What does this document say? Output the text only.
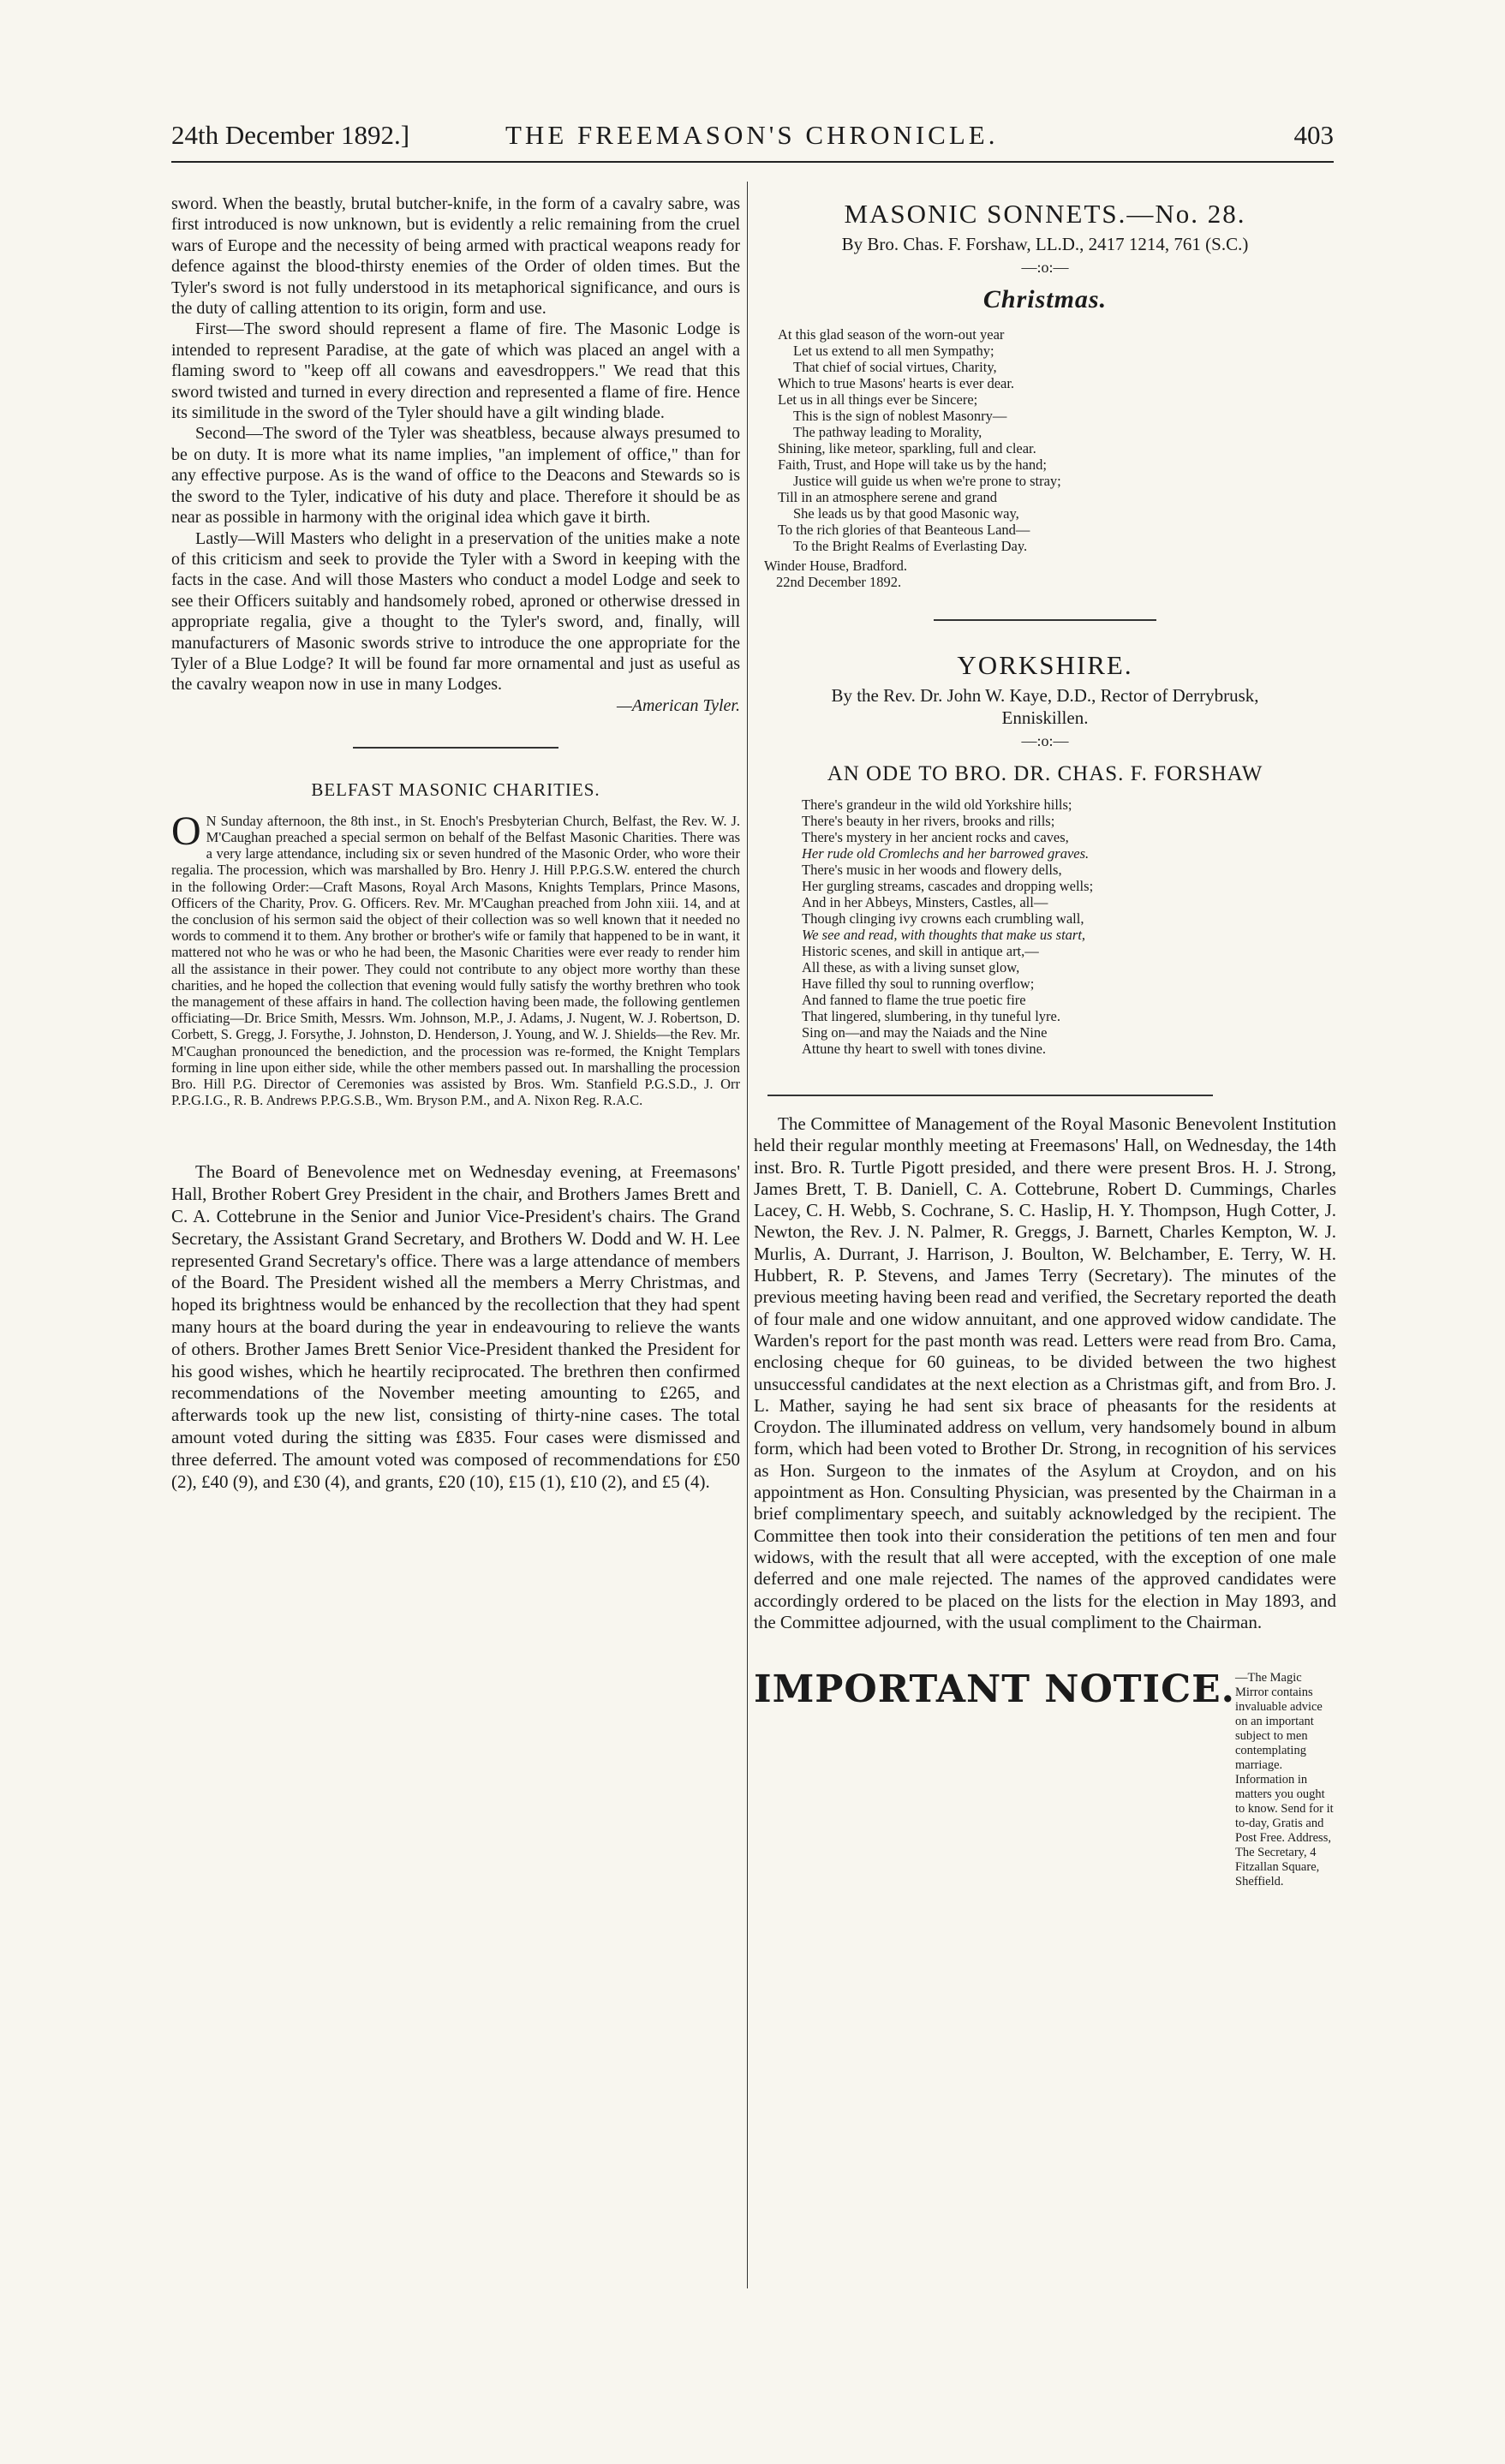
24th December 1892.]	THE FREEMASON'S CHRONICLE.	403

sword. When the beastly, brutal butcher-knife, in the form of a cavalry sabre, was first introduced is now unknown, but is evidently a relic remaining from the cruel wars of Europe and the necessity of being armed with practical weapons ready for defence against the blood-thirsty enemies of the Order of olden times. But the Tyler's sword is not fully understood in its metaphorical significance, and ours is the duty of calling attention to its origin, form and use.

First—The sword should represent a flame of fire. The Masonic Lodge is intended to represent Paradise, at the gate of which was placed an angel with a flaming sword to "keep off all cowans and eavesdroppers." We read that this sword twisted and turned in every direction and represented a flame of fire. Hence its similitude in the sword of the Tyler should have a gilt winding blade.

Second—The sword of the Tyler was sheatbless, because always presumed to be on duty. It is more what its name implies, "an implement of office," than for any effective purpose. As is the wand of office to the Deacons and Stewards so is the sword to the Tyler, indicative of his duty and place. Therefore it should be as near as possible in harmony with the original idea which gave it birth.

Lastly—Will Masters who delight in a preservation of the unities make a note of this criticism and seek to provide the Tyler with a Sword in keeping with the facts in the case. And will those Masters who conduct a model Lodge and seek to see their Officers suitably and handsomely robed, aproned or otherwise dressed in appropriate regalia, give a thought to the Tyler's sword, and, finally, will manufacturers of Masonic swords strive to introduce the one appropriate for the Tyler of a Blue Lodge? It will be found far more ornamental and just as useful as the cavalry weapon now in use in many Lodges.

—American Tyler.
BELFAST MASONIC CHARITIES.
O N Sunday afternoon, the 8th inst., in St. Enoch's Presbyterian Church, Belfast, the Rev. W. J. M'Caughan preached a special sermon on behalf of the Belfast Masonic Charities. There was a very large attendance, including six or seven hundred of the Masonic Order, who wore their regalia. The procession, which was marshalled by Bro. Henry J. Hill P.P.G.S.W. entered the church in the following Order:—Craft Masons, Royal Arch Masons, Knights Templars, Prince Masons, Officers of the Charity, Prov. G. Officers. Rev. Mr. M'Caughan preached from John xiii. 14, and at the conclusion of his sermon said the object of their collection was so well known that it needed no words to commend it to them. Any brother or brother's wife or family that happened to be in want, it mattered not who he was or who he had been, the Masonic Charities were ever ready to render him all the assistance in their power. They could not contribute to any object more worthy than these charities, and he hoped the collection that evening would fully satisfy the worthy brethren who took the management of these affairs in hand. The collection having been made, the following gentlemen officiating—Dr. Brice Smith, Messrs. Wm. Johnson, M.P., J. Adams, J. Nugent, W. J. Robertson, D. Corbett, S. Gregg, J. Forsythe, J. Johnston, D. Henderson, J. Young, and W. J. Shields—the Rev. Mr. M'Caughan pronounced the benediction, and the procession was re-formed, the Knight Templars forming in line upon either side, while the other members passed out. In marshalling the procession Bro. Hill P.G. Director of Ceremonies was assisted by Bros. Wm. Stanfield P.G.S.D., J. Orr P.P.G.I.G., R. B. Andrews P.P.G.S.B., Wm. Bryson P.M., and A. Nixon Reg. R.A.C.

The Board of Benevolence met on Wednesday evening, at Freemasons' Hall, Brother Robert Grey President in the chair, and Brothers James Brett and C. A. Cottebrune in the Senior and Junior Vice-President's chairs. The Grand Secretary, the Assistant Grand Secretary, and Brothers W. Dodd and W. H. Lee represented Grand Secretary's office. There was a large attendance of members of the Board. The President wished all the members a Merry Christmas, and hoped its brightness would be enhanced by the recollection that they had spent many hours at the board during the year in endeavouring to relieve the wants of others. Brother James Brett Senior Vice-President thanked the President for his good wishes, which he heartily reciprocated. The brethren then confirmed recommendations of the November meeting amounting to £265, and afterwards took up the new list, consisting of thirty-nine cases. The total amount voted during the sitting was £835. Four cases were dismissed and three deferred. The amount voted was composed of recommendations for £50 (2), £40 (9), and £30 (4), and grants, £20 (10), £15 (1), £10 (2), and £5 (4).

MASONIC SONNETS.—No. 28.
By Bro. Chas. F. Forshaw, LL.D., 2417 1214, 761 (S.C.)
—:o:—
Christmas.
At this glad season of the worn-out year
Let us extend to all men Sympathy;
That chief of social virtues, Charity,
Which to true Masons' hearts is ever dear.
Let us in all things ever be Sincere;
This is the sign of noblest Masonry—
The pathway leading to Morality,
Shining, like meteor, sparkling, full and clear.
Faith, Trust, and Hope will take us by the hand;
Justice will guide us when we're prone to stray;
Till in an atmosphere serene and grand
She leads us by that good Masonic way,
To the rich glories of that Beanteous Land—
To the Bright Realms of Everlasting Day.
Winder House, Bradford.
22nd December 1892.
YORKSHIRE.
By the Rev. Dr. John W. Kaye, D.D., Rector of Derrybrusk, Enniskillen.
—:o:—
AN ODE TO BRO. DR. CHAS. F. FORSHAW
There's grandeur in the wild old Yorkshire hills;
There's beauty in her rivers, brooks and rills;
There's mystery in her ancient rocks and caves,
Her rude old Cromlechs and her barrowed graves.
There's music in her woods and flowery dells,
Her gurgling streams, cascades and dropping wells;
And in her Abbeys, Minsters, Castles, all—
Though clinging ivy crowns each crumbling wall,
We see and read, with thoughts that make us start,
Historic scenes, and skill in antique art,—
All these, as with a living sunset glow,
Have filled thy soul to running overflow;
And fanned to flame the true poetic fire
That lingered, slumbering, in thy tuneful lyre.
Sing on—and may the Naiads and the Nine
Attune thy heart to swell with tones divine.

The Committee of Management of the Royal Masonic Benevolent Institution held their regular monthly meeting at Freemasons' Hall, on Wednesday, the 14th inst. Bro. R. Turtle Pigott presided, and there were present Bros. H. J. Strong, James Brett, T. B. Daniell, C. A. Cottebrune, Robert D. Cummings, Charles Lacey, C. H. Webb, S. Cochrane, S. C. Haslip, H. Y. Thompson, Hugh Cotter, J. Newton, the Rev. J. N. Palmer, R. Greggs, J. Barnett, Charles Kempton, W. J. Murlis, A. Durrant, J. Harrison, J. Boulton, W. Belchamber, E. Terry, W. H. Hubbert, R. P. Stevens, and James Terry (Secretary). The minutes of the previous meeting having been read and verified, the Secretary reported the death of four male and one widow annuitant, and one approved widow candidate. The Warden's report for the past month was read. Letters were read from Bro. Cama, enclosing cheque for 60 guineas, to be divided between the two highest unsuccessful candidates at the next election as a Christmas gift, and from Bro. J. L. Mather, saying he had sent six brace of pheasants for the residents at Croydon. The illuminated address on vellum, very handsomely bound in album form, which had been voted to Brother Dr. Strong, in recognition of his services as Hon. Surgeon to the inmates of the Asylum at Croydon, and on his appointment as Hon. Consulting Physician, was presented by the Chairman in a brief complimentary speech, and suitably acknowledged by the recipient. The Committee then took into their consideration the petitions of ten men and four widows, with the result that all were accepted, with the exception of one male deferred and one male rejected. The names of the approved candidates were accordingly ordered to be placed on the lists for the election in May 1893, and the Committee adjourned, with the usual compliment to the Chairman.

IMPORTANT NOTICE. —The Magic Mirror contains invaluable advice on an important subject to men contemplating marriage. Information in matters you ought to know. Send for it to-day, Gratis and Post Free. Address, The Secretary, 4 Fitzallan Square, Sheffield.
